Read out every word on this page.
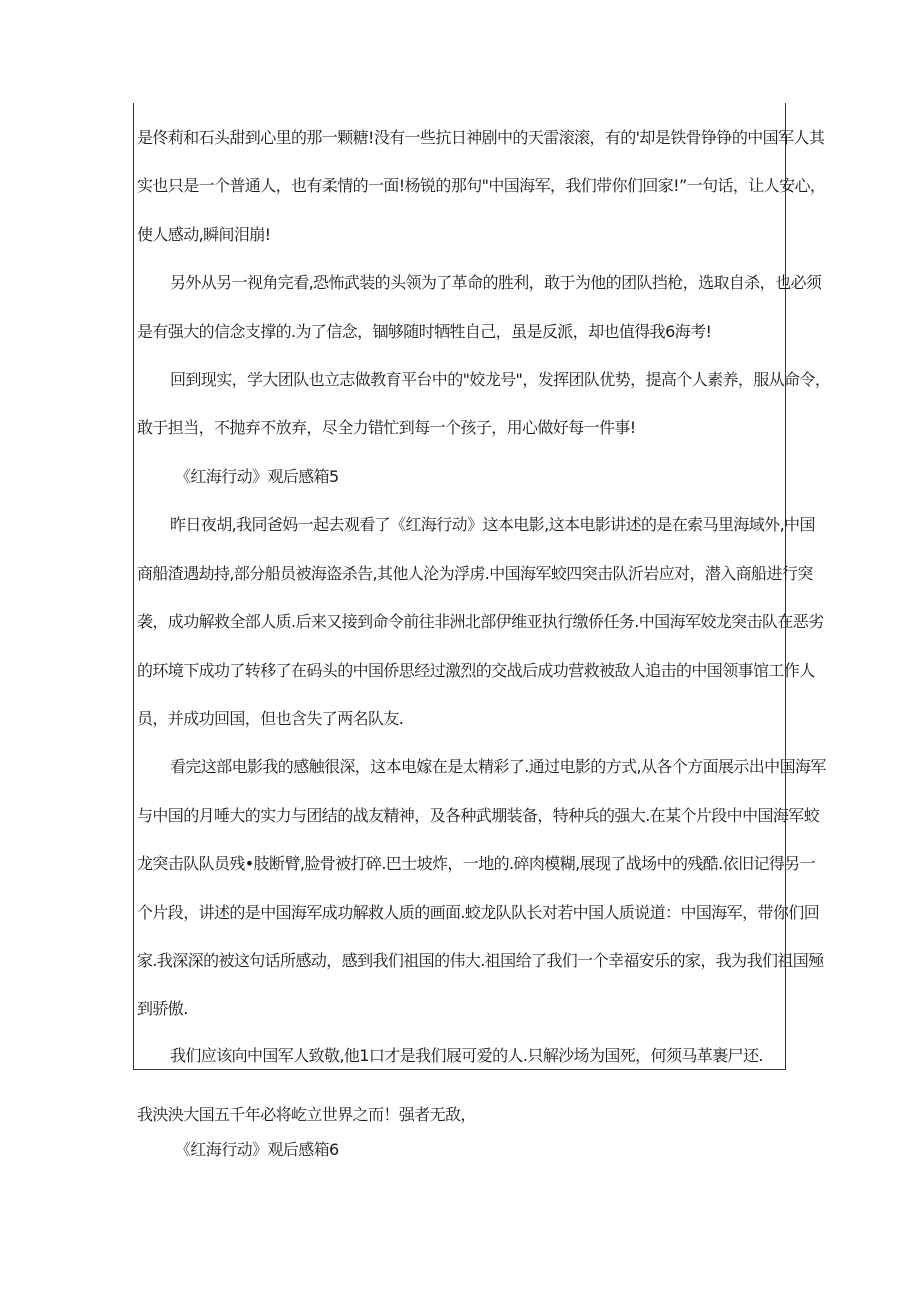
是佟莉和石头甜到心里的那一颗糖!没有一些抗日神剧中的天雷滚滚，有的'却是铁骨铮铮的中国军人其
实也只是一个普通人，也有柔情的一面!杨锐的那句"中国海军，我们带你们回家!”一句话，让人安心，
使人感动,瞬间泪崩!
另外从另一视角完看,恐怖武装的头领为了革命的胜利，敢于为他的团队挡枪，选取自杀，也必须
是有强大的信念支撑的.为了信念，锢够随时牺牲自己，虽是反派，却也值得我6海考!
回到现实，学大团队也立志做教育平台中的"姣龙号"，发挥团队优势，提高个人素养，服从命令，
敢于担当，不抛弃不放弃，尽全力错忙到每一个孩子，用心做好每一件事!
《红海行动》观后感箱5
昨日夜胡,我同爸妈一起去观看了《红海行动》这本电影,这本电影讲述的是在索马里海域外,中国
商船渣遇劫持,部分船员被海盗杀告,其他人沦为浮虏.中国海军蛟四突击队沂岩应对，潜入商船进行突
袭，成功解救全部人质.后来又接到命令前往非洲北部伊维亚执行缴侨任务.中国海军姣龙突击队在恶劣
的环境下成功了转移了在码头的中国侨思经过激烈的交战后成功营救被敌人追击的中国领事馆工作人
员，并成功回国，但也含失了两名队友.
看完这部电影我的感触很深，这本电嫁在是太精彩了.通过电影的方式,从各个方面展示出中国海军
与中国的月唾大的实力与团结的战友精神，及各种武堋装备，特种兵的强大.在某个片段中中国海军蛟
龙突击队队员残•肢断臂,脸骨被打碎.巴士坡炸，一地的.碎肉模糊,展现了战场中的残酷.依旧记得另一
个片段，讲述的是中国海军成功解救人质的画面.蛟龙队队长对若中国人质说道：中国海军，带你们回
家.我深深的被这句话所感动，感到我们祖国的伟大.祖国给了我们一个幸福安乐的家，我为我们祖国殛
到骄傲.
我们应该向中国军人致敬,他1口才是我们屐可爱的人.只解沙场为国死，何须马革裹尸还.
我泱泱大国五千年必将屹立世界之而！强者无敌，
《红海行动》观后感箱6
